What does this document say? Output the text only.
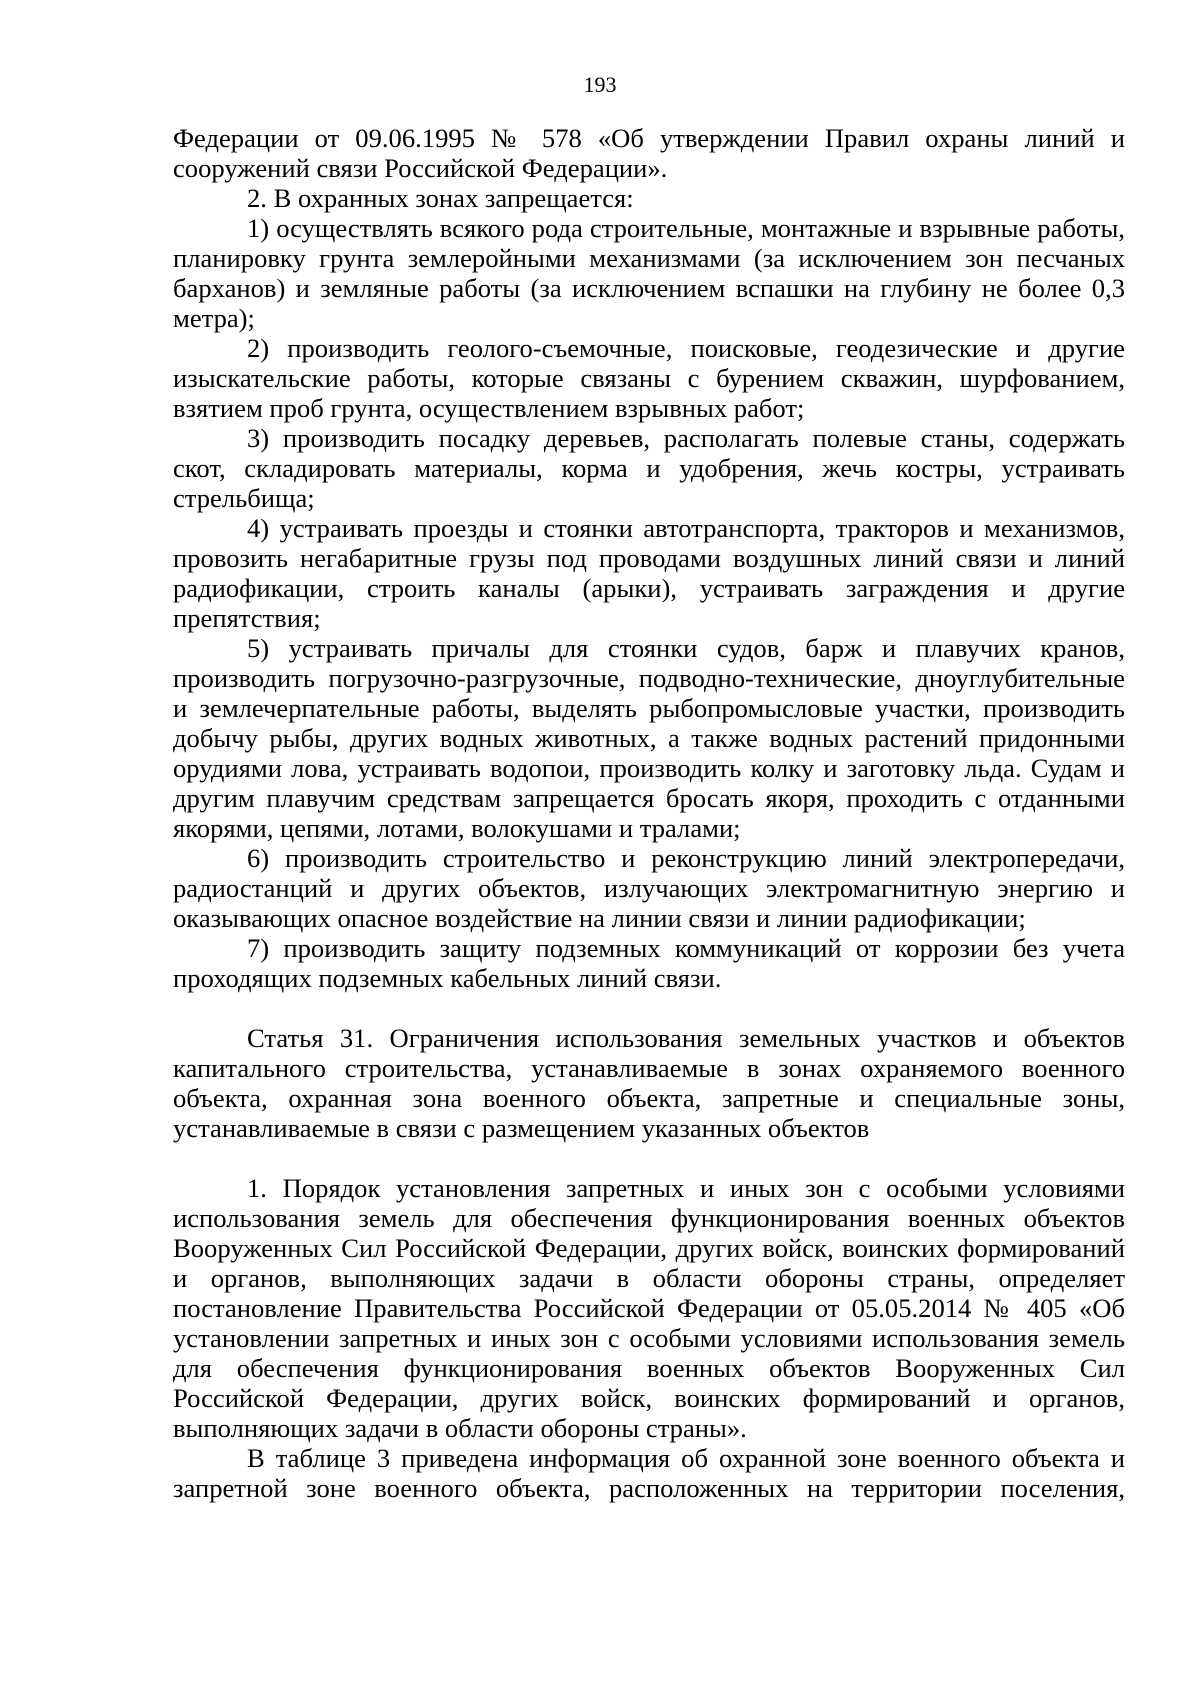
193

Федерации от 09.06.1995 № 578 «Об утверждении Правил охраны линий и сооружений связи Российской Федерации».

2. В охранных зонах запрещается:

1) осуществлять всякого рода строительные, монтажные и взрывные работы, планировку грунта землеройными механизмами (за исключением зон песчаных барханов) и земляные работы (за исключением вспашки на глубину не более 0,3 метра);

2) производить геолого-съемочные, поисковые, геодезические и другие изыскательские работы, которые связаны с бурением скважин, шурфованием, взятием проб грунта, осуществлением взрывных работ;

3) производить посадку деревьев, располагать полевые станы, содержать скот, складировать материалы, корма и удобрения, жечь костры, устраивать стрельбища;

4) устраивать проезды и стоянки автотранспорта, тракторов и механизмов, провозить негабаритные грузы под проводами воздушных линий связи и линий радиофикации, строить каналы (арыки), устраивать заграждения и другие препятствия;

5) устраивать причалы для стоянки судов, барж и плавучих кранов, производить погрузочно-разгрузочные, подводно-технические, дноуглубительные и землечерпательные работы, выделять рыбопромысловые участки, производить добычу рыбы, других водных животных, а также водных растений придонными орудиями лова, устраивать водопои, производить колку и заготовку льда. Судам и другим плавучим средствам запрещается бросать якоря, проходить с отданными якорями, цепями, лотами, волокушами и тралами;

6) производить строительство и реконструкцию линий электропередачи, радиостанций и других объектов, излучающих электромагнитную энергию и оказывающих опасное воздействие на линии связи и линии радиофикации;

7) производить защиту подземных коммуникаций от коррозии без учета проходящих подземных кабельных линий связи.

Статья 31. Ограничения использования земельных участков и объектов капитального строительства, устанавливаемые в зонах охраняемого военного объекта, охранная зона военного объекта, запретные и специальные зоны, устанавливаемые в связи с размещением указанных объектов

1. Порядок установления запретных и иных зон с особыми условиями использования земель для обеспечения функционирования военных объектов Вооруженных Сил Российской Федерации, других войск, воинских формирований и органов, выполняющих задачи в области обороны страны, определяет постановление Правительства Российской Федерации от 05.05.2014 № 405 «Об установлении запретных и иных зон с особыми условиями использования земель для обеспечения функционирования военных объектов Вооруженных Сил Российской Федерации, других войск, воинских формирований и органов, выполняющих задачи в области обороны страны».

В таблице 3 приведена информация об охранной зоне военного объекта и запретной зоне военного объекта, расположенных на территории поселения,
